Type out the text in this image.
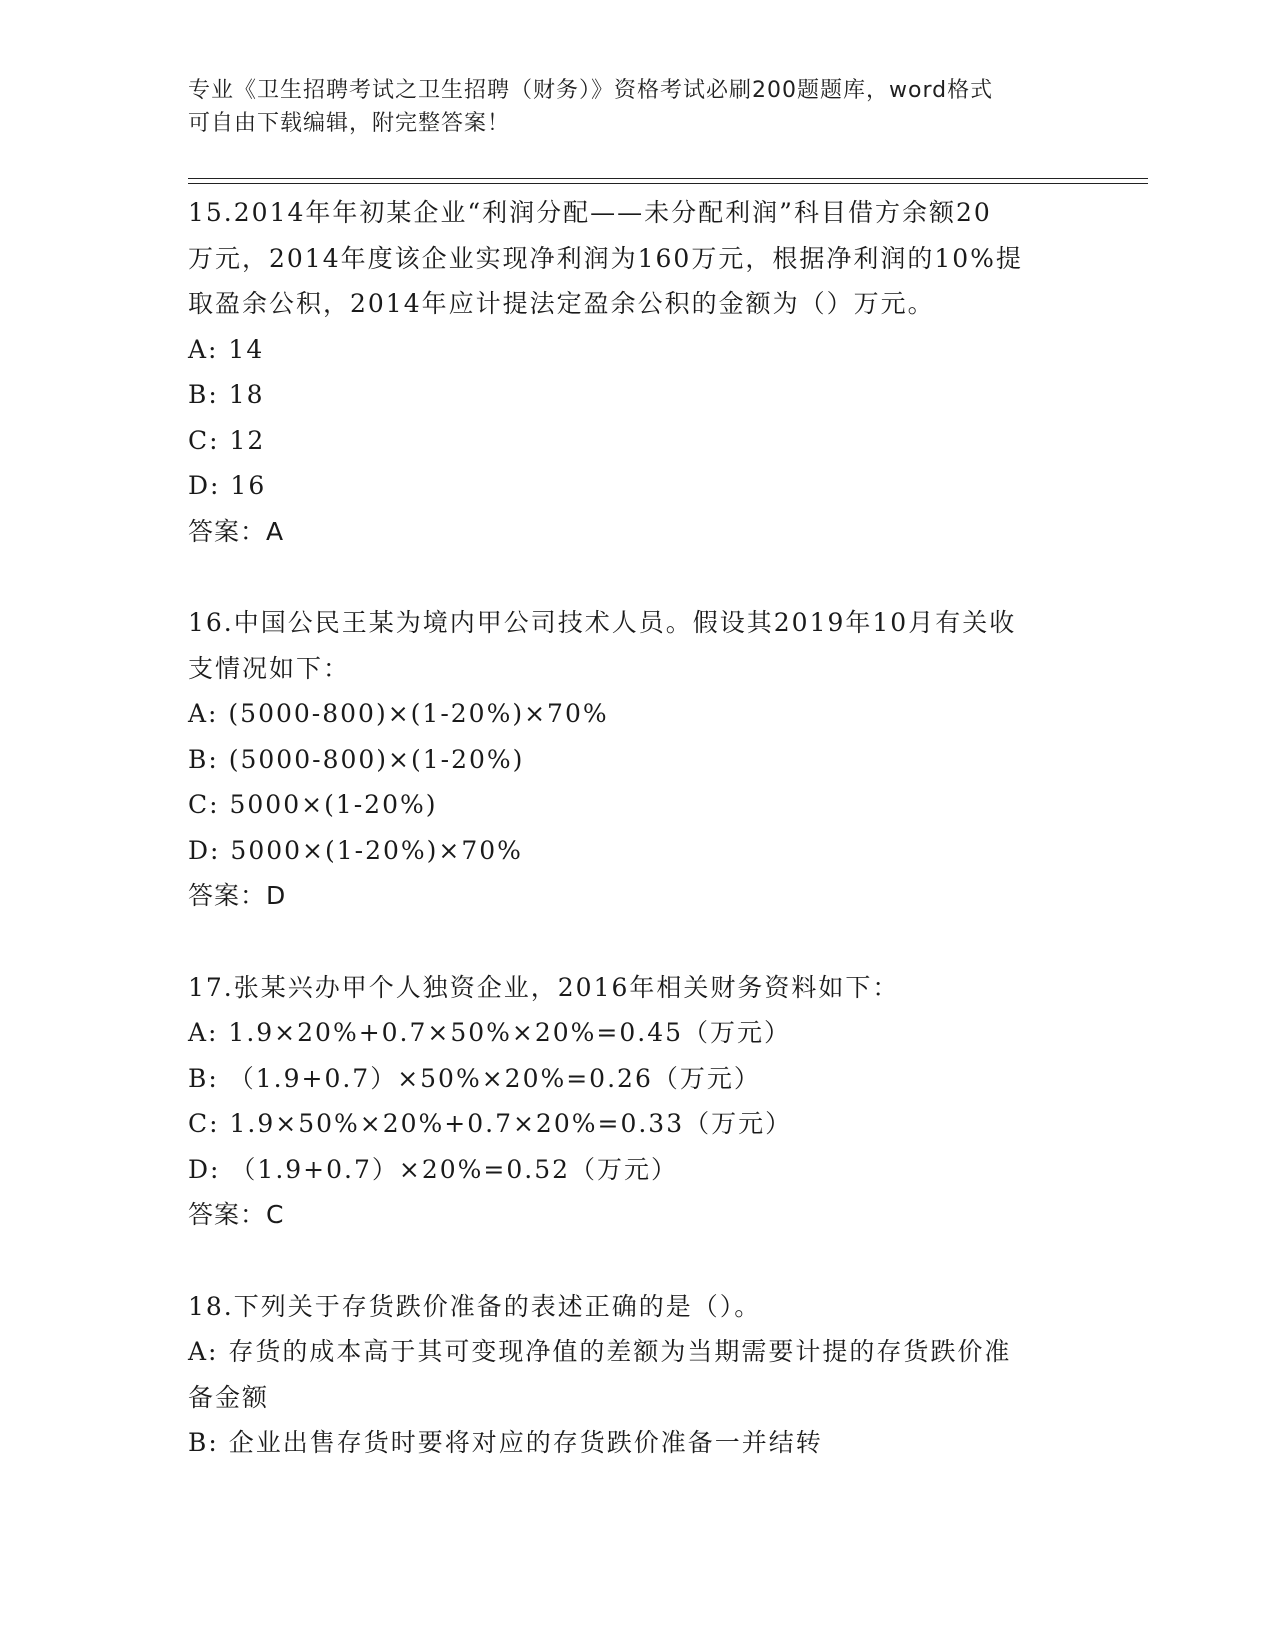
专业《卫生招聘考试之卫生招聘（财务）》资格考试必刷200题题库，word格式

可自由下载编辑，附完整答案！

15.2014年年初某企业“利润分配——未分配利润”科目借方余额20
万元，2014年度该企业实现净利润为160万元，根据净利润的10%提
取盈余公积，2014年应计提法定盈余公积的金额为（）万元。
A: 14
B: 18
C: 12
D: 16
答案：A
16.中国公民王某为境内甲公司技术人员。假设其2019年10月有关收
支情况如下：
A: (5000-800)×(1-20%)×70%
B: (5000-800)×(1-20%)
C: 5000×(1-20%)
D: 5000×(1-20%)×70%
答案：D
17.张某兴办甲个人独资企业，2016年相关财务资料如下：
A: 1.9×20%+0.7×50%×20%=0.45（万元）
B: （1.9+0.7）×50%×20%=0.26（万元）
C: 1.9×50%×20%+0.7×20%=0.33（万元）
D: （1.9+0.7）×20%=0.52（万元）
答案：C
18.下列关于存货跌价准备的表述正确的是（）。
A: 存货的成本高于其可变现净值的差额为当期需要计提的存货跌价准
备金额
B: 企业出售存货时要将对应的存货跌价准备一并结转
